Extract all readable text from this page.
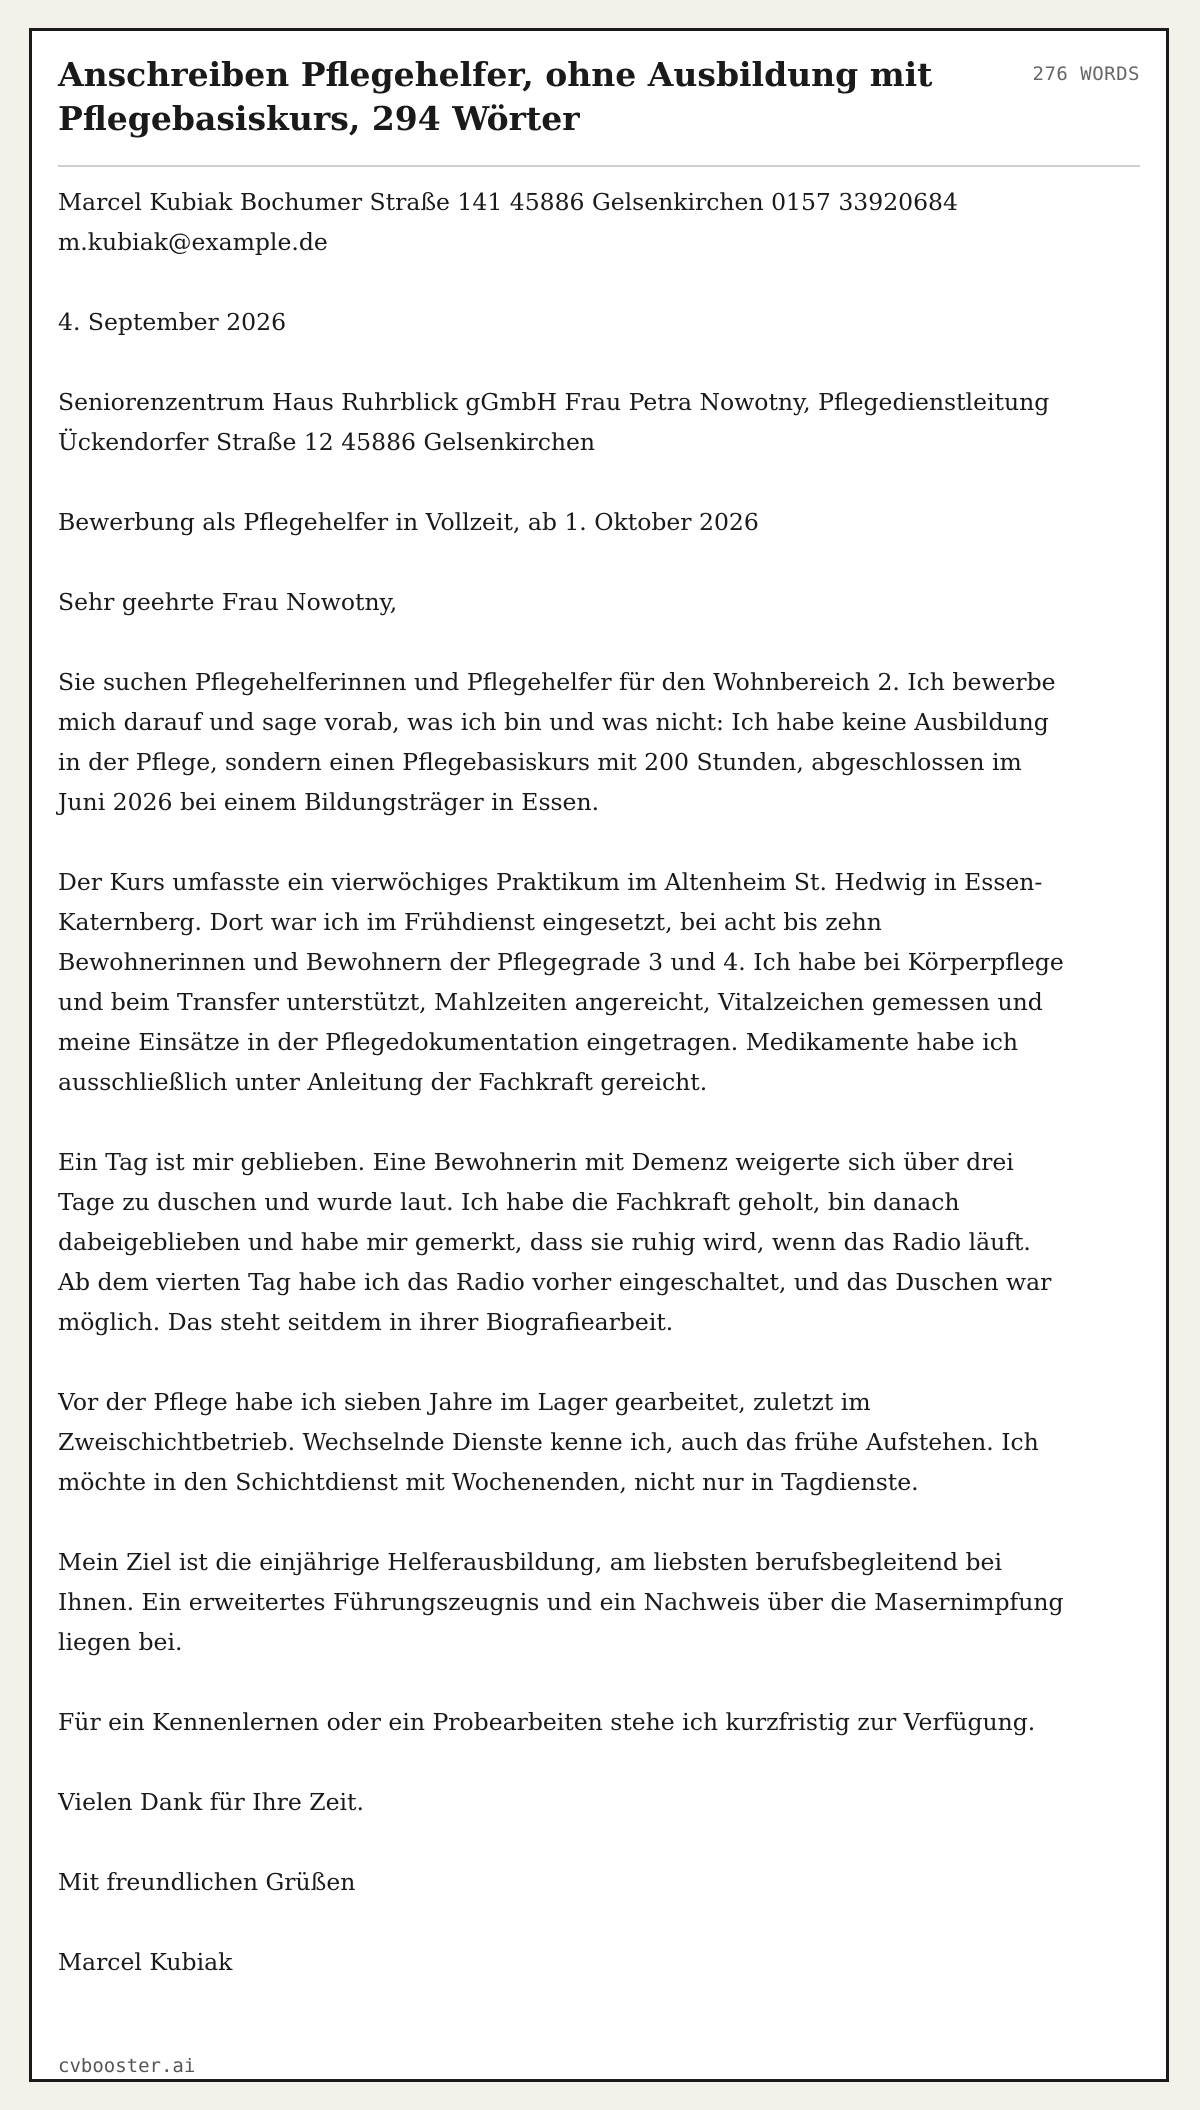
Anschreiben Pflegehelfer, ohne Ausbildung mit Pflegebasiskurs, 294 Wörter
276 WORDS

Marcel Kubiak Bochumer Straße 141 45886 Gelsenkirchen 0157 33920684 m.kubiak@example.de

4. September 2026

Seniorenzentrum Haus Ruhrblick gGmbH Frau Petra Nowotny, Pflegedienstleitung Ückendorfer Straße 12 45886 Gelsenkirchen

Bewerbung als Pflegehelfer in Vollzeit, ab 1. Oktober 2026

Sehr geehrte Frau Nowotny,

Sie suchen Pflegehelferinnen und Pflegehelfer für den Wohnbereich 2. Ich bewerbe mich darauf und sage vorab, was ich bin und was nicht: Ich habe keine Ausbildung in der Pflege, sondern einen Pflegebasiskurs mit 200 Stunden, abgeschlossen im Juni 2026 bei einem Bildungsträger in Essen.

Der Kurs umfasste ein vierwöchiges Praktikum im Altenheim St. Hedwig in Essen-Katernberg. Dort war ich im Frühdienst eingesetzt, bei acht bis zehn Bewohnerinnen und Bewohnern der Pflegegrade 3 und 4. Ich habe bei Körperpflege und beim Transfer unterstützt, Mahlzeiten angereicht, Vitalzeichen gemessen und meine Einsätze in der Pflegedokumentation eingetragen. Medikamente habe ich ausschließlich unter Anleitung der Fachkraft gereicht.

Ein Tag ist mir geblieben. Eine Bewohnerin mit Demenz weigerte sich über drei Tage zu duschen und wurde laut. Ich habe die Fachkraft geholt, bin danach dabeigeblieben und habe mir gemerkt, dass sie ruhig wird, wenn das Radio läuft. Ab dem vierten Tag habe ich das Radio vorher eingeschaltet, und das Duschen war möglich. Das steht seitdem in ihrer Biografiearbeit.

Vor der Pflege habe ich sieben Jahre im Lager gearbeitet, zuletzt im Zweischichtbetrieb. Wechselnde Dienste kenne ich, auch das frühe Aufstehen. Ich möchte in den Schichtdienst mit Wochenenden, nicht nur in Tagdienste.

Mein Ziel ist die einjährige Helferausbildung, am liebsten berufsbegleitend bei Ihnen. Ein erweitertes Führungszeugnis und ein Nachweis über die Masernimpfung liegen bei.

Für ein Kennenlernen oder ein Probearbeiten stehe ich kurzfristig zur Verfügung.

Vielen Dank für Ihre Zeit.

Mit freundlichen Grüßen

Marcel Kubiak

cvbooster.ai
